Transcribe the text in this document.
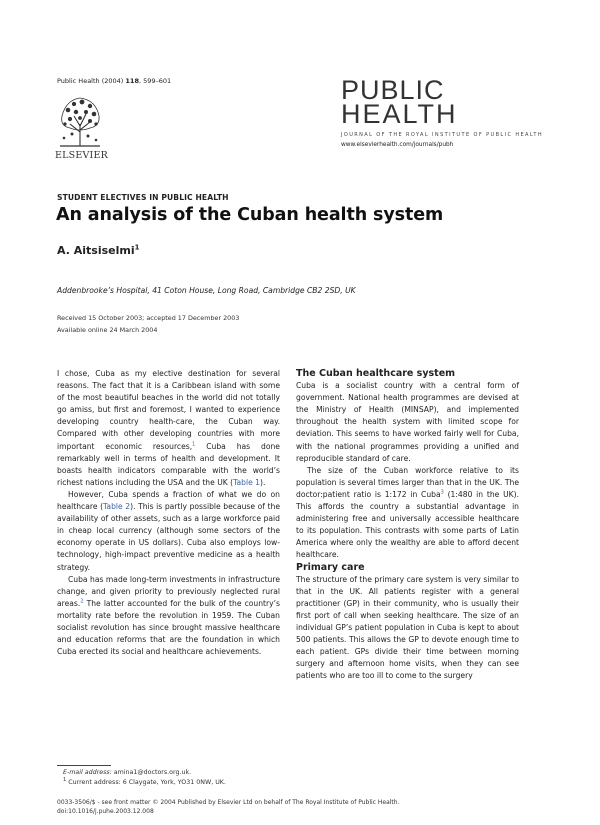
Public Health (2004) 118, 599–601
ELSEVIER
PUBLIC
HEALTH
JOURNAL OF THE ROYAL INSTITUTE OF PUBLIC HEALTH
www.elsevierhealth.com/journals/pubh
STUDENT ELECTIVES IN PUBLIC HEALTH
An analysis of the Cuban health system
A. Aitsiselmi$^1$
Addenbrooke’s Hospital, 41 Coton House, Long Road, Cambridge CB2 2SD, UK
Received 15 October 2003; accepted 17 December 2003
Available online 24 March 2004

I chose, Cuba as my elective destination for several reasons. The fact that it is a Caribbean island with some of the most beautiful beaches in the world did not totally go amiss, but first and foremost, I wanted to experience developing country health-care, the Cuban way. Compared with other developing countries with more important economic resources,$^1$ Cuba has done remarkably well in terms of health and development. It boasts health indicators comparable with the world’s richest nations including the USA and the UK (Table 1).

However, Cuba spends a fraction of what we do on healthcare (Table 2). This is partly possible because of the availability of other assets, such as a large workforce paid in cheap local currency (although some sectors of the economy operate in US dollars). Cuba also employs low-technology, high-impact preventive medicine as a health strategy.

Cuba has made long-term investments in infrastructure change, and given priority to previously neglected rural areas.$^2$ The latter accounted for the bulk of the country’s mortality rate before the revolution in 1959. The Cuban socialist revolution has since brought massive healthcare and education reforms that are the foundation in which Cuba erected its social and healthcare achievements.

The Cuban healthcare system

Cuba is a socialist country with a central form of government. National health programmes are devised at the Ministry of Health (MINSAP), and implemented throughout the health system with limited scope for deviation. This seems to have worked fairly well for Cuba, with the national programmes providing a unified and reproducible standard of care.

The size of the Cuban workforce relative to its population is several times larger than that in the UK. The doctor:patient ratio is 1:172 in Cuba$^3$ (1:480 in the UK). This affords the country a substantial advantage in administering free and universally accessible healthcare to its population. This contrasts with some parts of Latin America where only the wealthy are able to afford decent healthcare.

Primary care

The structure of the primary care system is very similar to that in the UK. All patients register with a general practitioner (GP) in their community, who is usually their first port of call when seeking healthcare. The size of an individual GP’s patient population in Cuba is kept to about 500 patients. This allows the GP to devote enough time to each patient. GPs divide their time between morning surgery and afternoon home visits, when they can see patients who are too ill to come to the surgery

E-mail address: amina1@doctors.org.uk.
$^1$ Current address: 6 Claygate, York, YO31 0NW, UK.
0033-3506/$ - see front matter © 2004 Published by Elsevier Ltd on behalf of The Royal Institute of Public Health.
doi:10.1016/j.puhe.2003.12.008
